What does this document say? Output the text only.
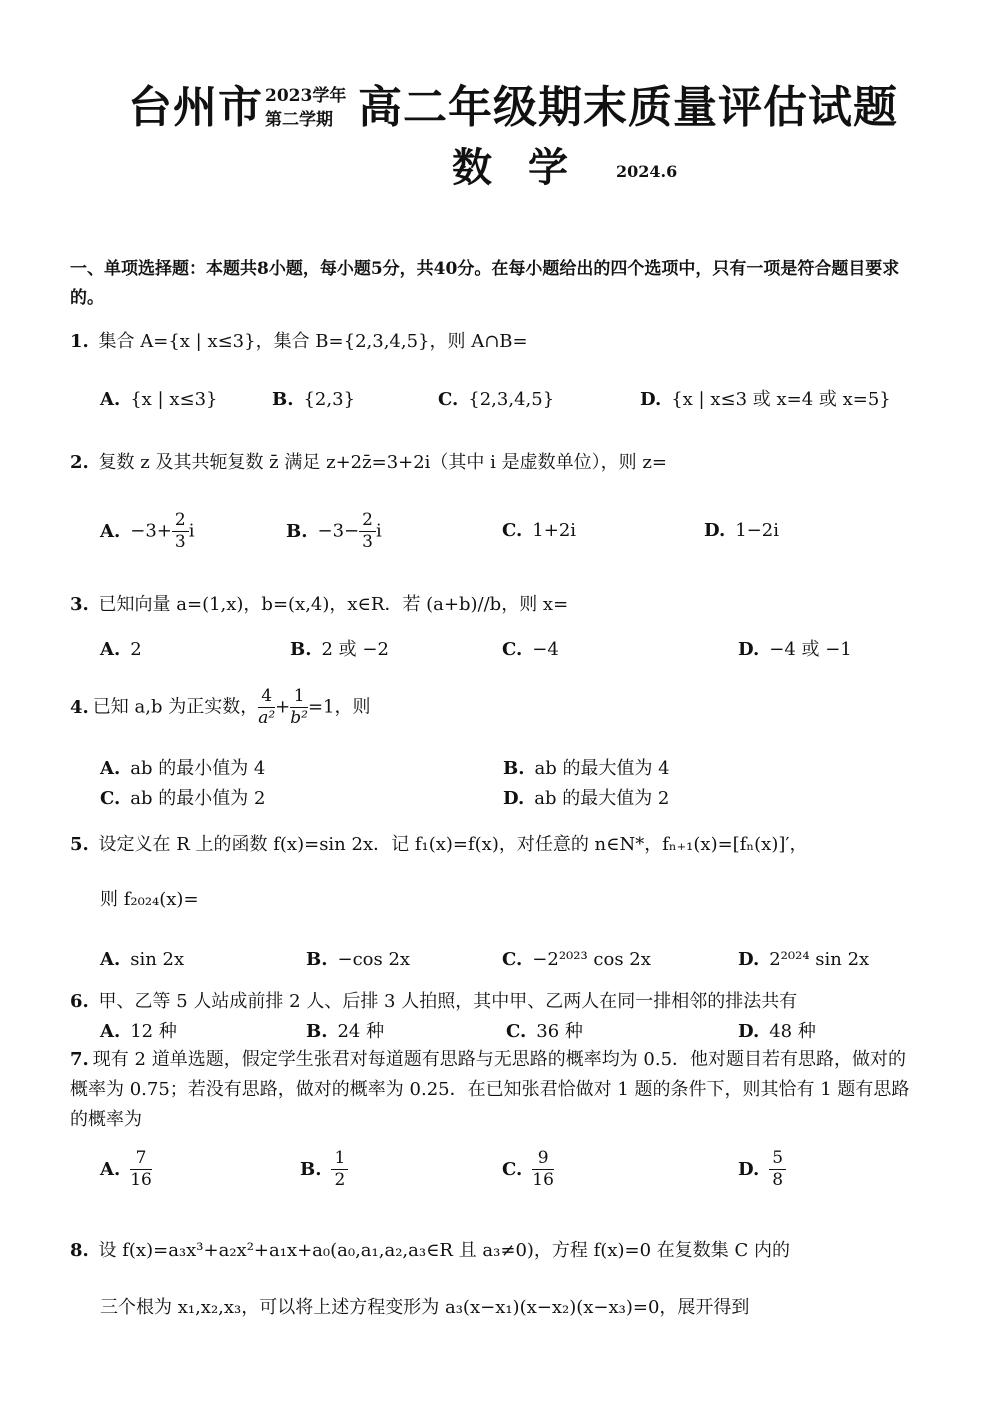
台州市 2023学年
第二学期 高二年级期末质量评估试题
数学 2024.6
一、单项选择题：本题共8小题，每小题5分，共40分。在每小题给出的四个选项中，只有一项是符合题目要求的。
1. 集合 A={x | x≤3}，集合 B={2,3,4,5}，则 A∩B=
A. {x | x≤3}	B. {2,3}	C. {2,3,4,5}	D. {x | x≤3 或 x=4 或 x=5}
2. 复数 z 及其共轭复数 z̄ 满足 z+2z̄=3+2i（其中 i 是虚数单位），则 z=
A. $-3+ \frac{2}{3}$ i	B. $-3- \frac{2}{3}$ i	C. 1+2i	D. 1−2i
3. 已知向量 a=(1,x)，b=(x,4)，x∈R．若 (a+b)//b，则 x=
A. 2	B. 2 或 −2	C. −4	D. −4 或 −1
4. 已知 a,b 为正实数， $\frac{4}{\text{a²}} + \frac{1}{\text{b²}} =1$，则
A. ab 的最小值为 4	B. ab 的最大值为 4
C. ab 的最小值为 2	D. ab 的最大值为 2
5. 设定义在 R 上的函数 f(x)=sin 2x．记 f₁(x)=f(x)，对任意的 n∈N*，fₙ₊₁(x)=[fₙ(x)]′，
则 f₂₀₂₄(x)=
A. sin 2x	B. −cos 2x	C. −2²⁰²³ cos 2x	D. 2²⁰²⁴ sin 2x
6. 甲、乙等 5 人站成前排 2 人、后排 3 人拍照，其中甲、乙两人在同一排相邻的排法共有
A. 12 种	B. 24 种	C. 36 种	D. 48 种
7. 现有 2 道单选题，假定学生张君对每道题有思路与无思路的概率均为 0.5．他对题目若有思路，做对的概率为 0.75；若没有思路，做对的概率为 0.25．在已知张君恰做对 1 题的条件下，则其恰有 1 题有思路的概率为
A. $\frac{7}{16}$	B. $\frac{1}{2}$	C. $\frac{9}{16}$	D. $\frac{5}{8}$
8. 设 f(x)=a₃x³+a₂x²+a₁x+a₀(a₀,a₁,a₂,a₃∈R 且 a₃≠0)，方程 f(x)=0 在复数集 C 内的
三个根为 x₁,x₂,x₃，可以将上述方程变形为 a₃(x−x₁)(x−x₂)(x−x₃)=0，展开得到
